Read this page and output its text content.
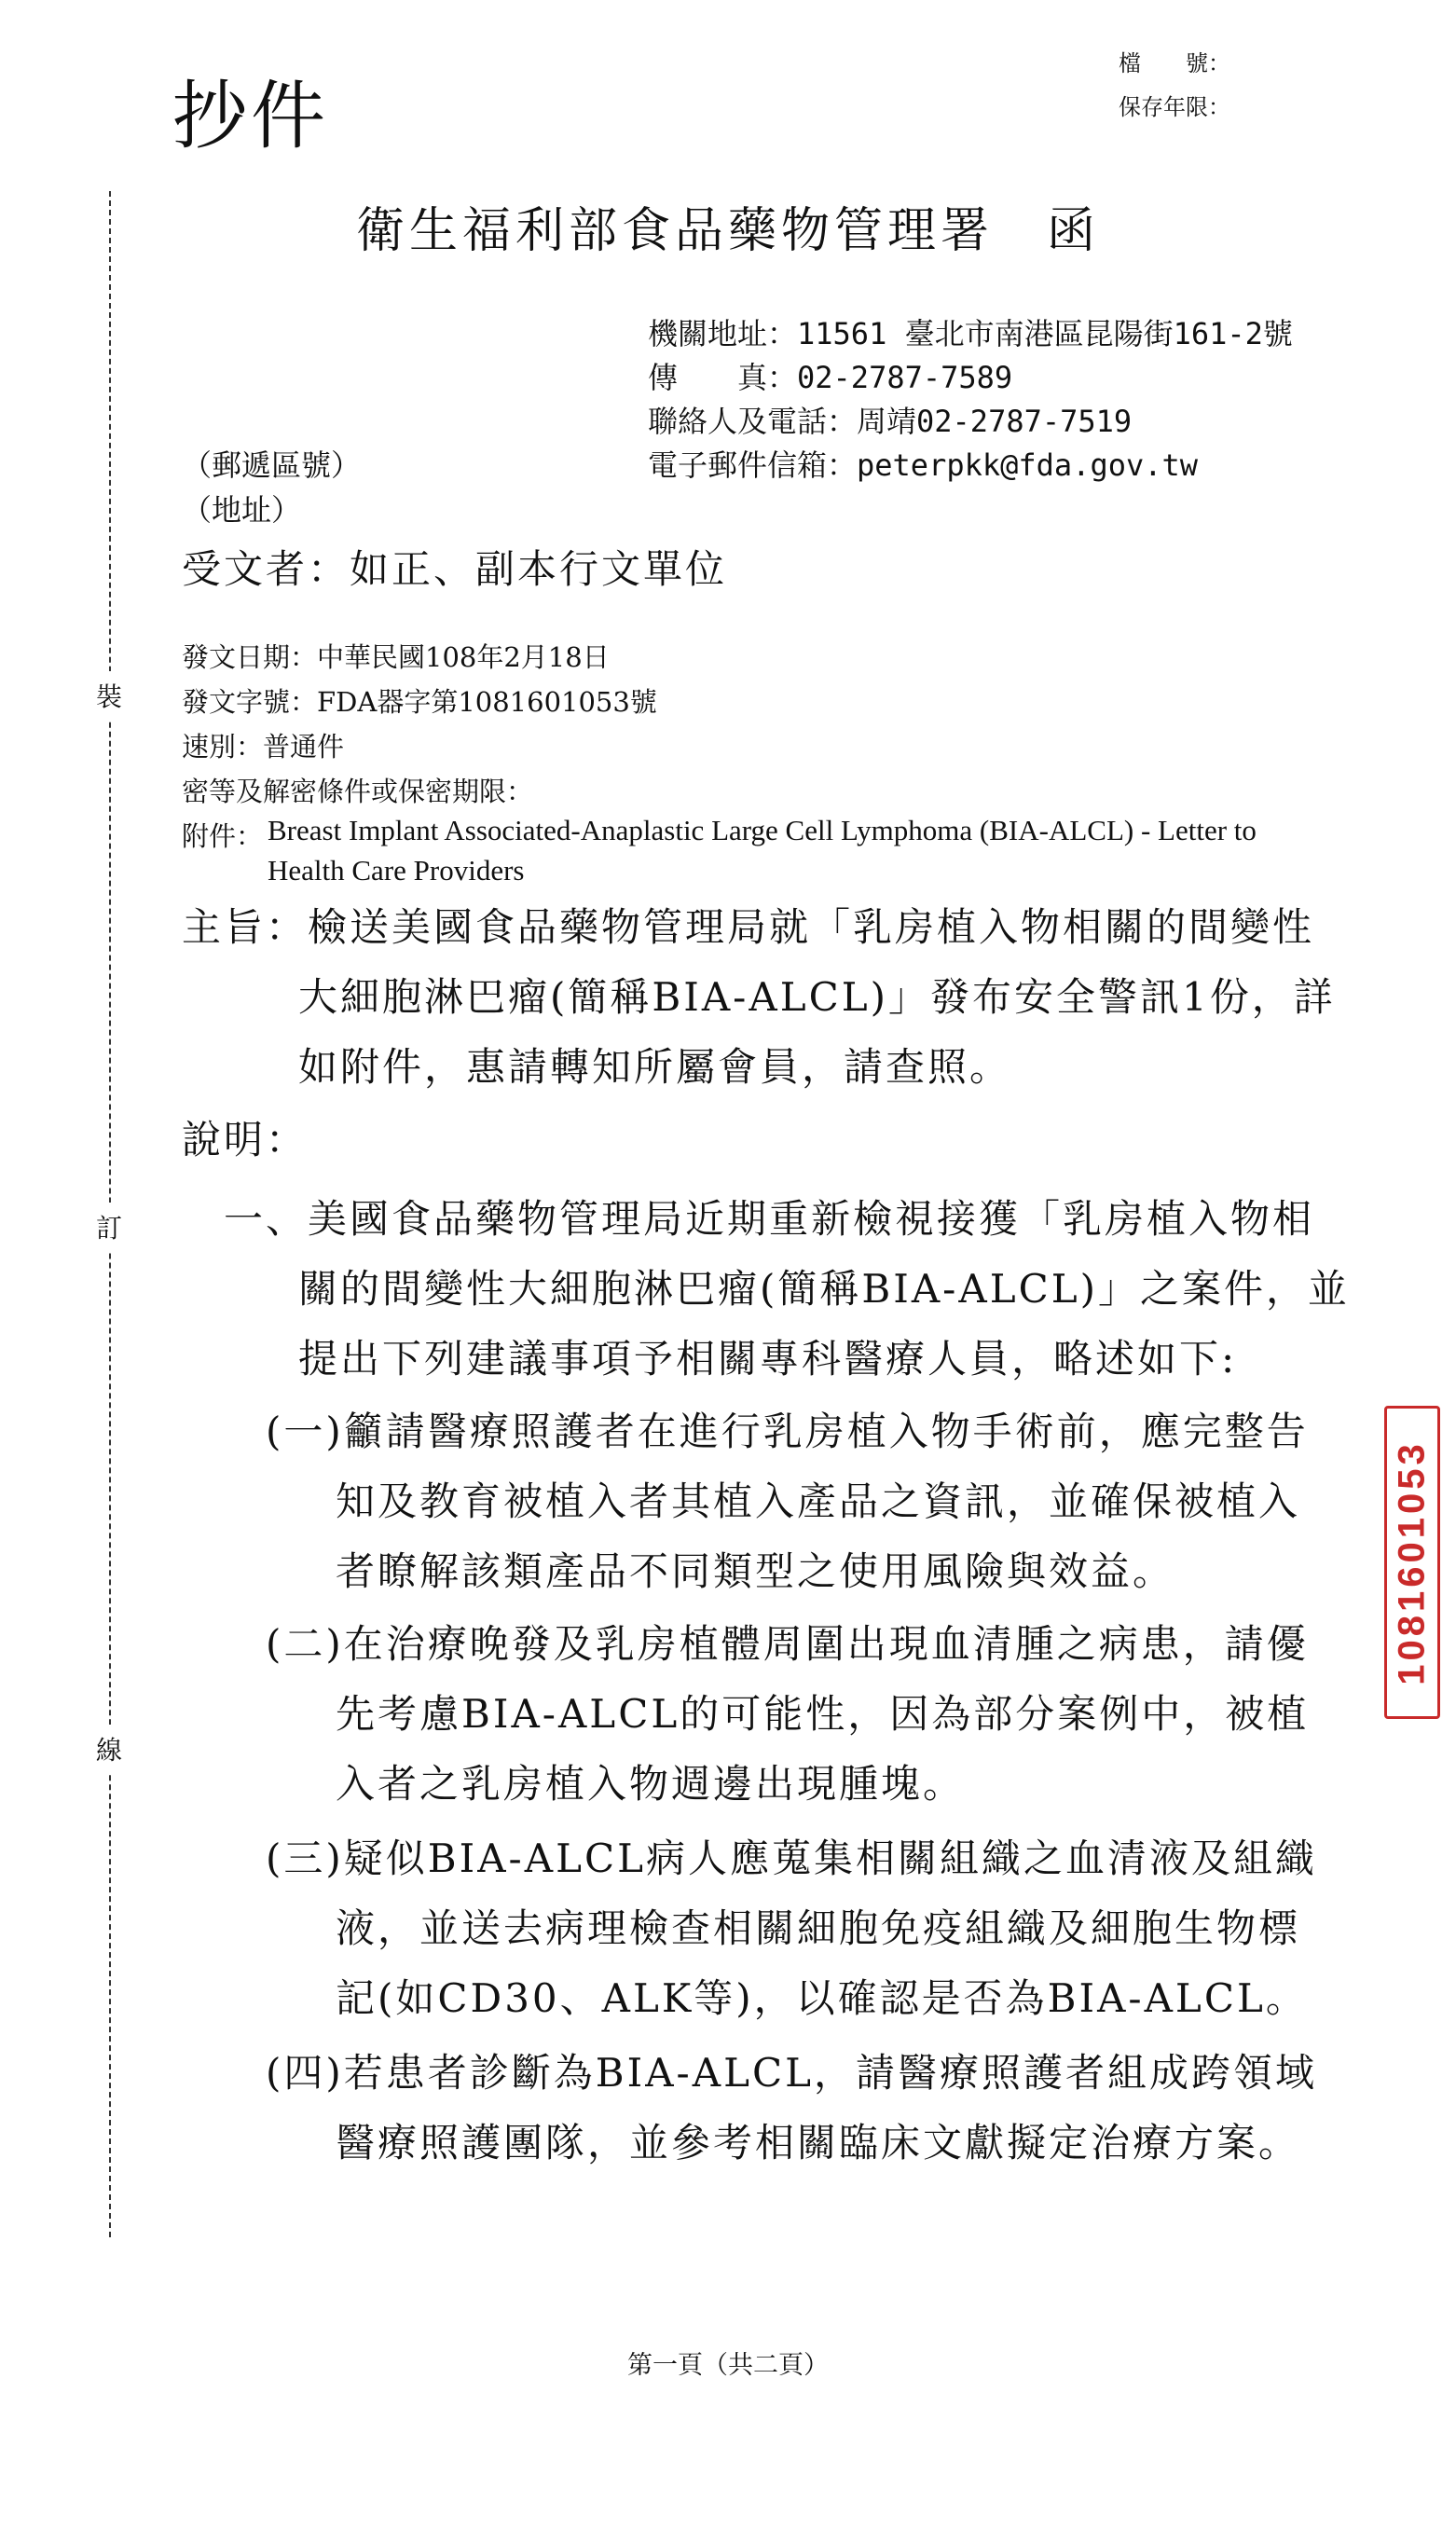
裝
訂
線
抄件
檔　　號：
保存年限：
衛生福利部食品藥物管理署　函
機關地址：11561 臺北市南港區昆陽街161-2號
傳　　真：02-2787-7589
聯絡人及電話：周靖02-2787-7519
電子郵件信箱：peterpkk@fda.gov.tw
（郵遞區號）
（地址）
受文者：如正、副本行文單位
發文日期：中華民國108年2月18日
發文字號：FDA器字第1081601053號
速別：普通件
密等及解密條件或保密期限：
附件： Breast Implant Associated-Anaplastic Large Cell Lymphoma (BIA-ALCL) - Letter to
Health Care Providers
主旨：檢送美國食品藥物管理局就「乳房植入物相關的間變性
大細胞淋巴瘤(簡稱BIA-ALCL)」發布安全警訊1份，詳
如附件，惠請轉知所屬會員，請查照。
說明：
一、美國食品藥物管理局近期重新檢視接獲「乳房植入物相
關的間變性大細胞淋巴瘤(簡稱BIA-ALCL)」之案件，並
提出下列建議事項予相關專科醫療人員，略述如下:
(一)籲請醫療照護者在進行乳房植入物手術前，應完整告
知及教育被植入者其植入產品之資訊，並確保被植入
者瞭解該類產品不同類型之使用風險與效益。
(二)在治療晚發及乳房植體周圍出現血清腫之病患，請優
先考慮BIA-ALCL的可能性，因為部分案例中，被植
入者之乳房植入物週邊出現腫塊。
(三)疑似BIA-ALCL病人應蒐集相關組織之血清液及組織
液，並送去病理檢查相關細胞免疫組織及細胞生物標
記(如CD30、ALK等)，以確認是否為BIA-ALCL。
(四)若患者診斷為BIA-ALCL，請醫療照護者組成跨領域
醫療照護團隊，並參考相關臨床文獻擬定治療方案。
1081601053
第一頁（共二頁）
